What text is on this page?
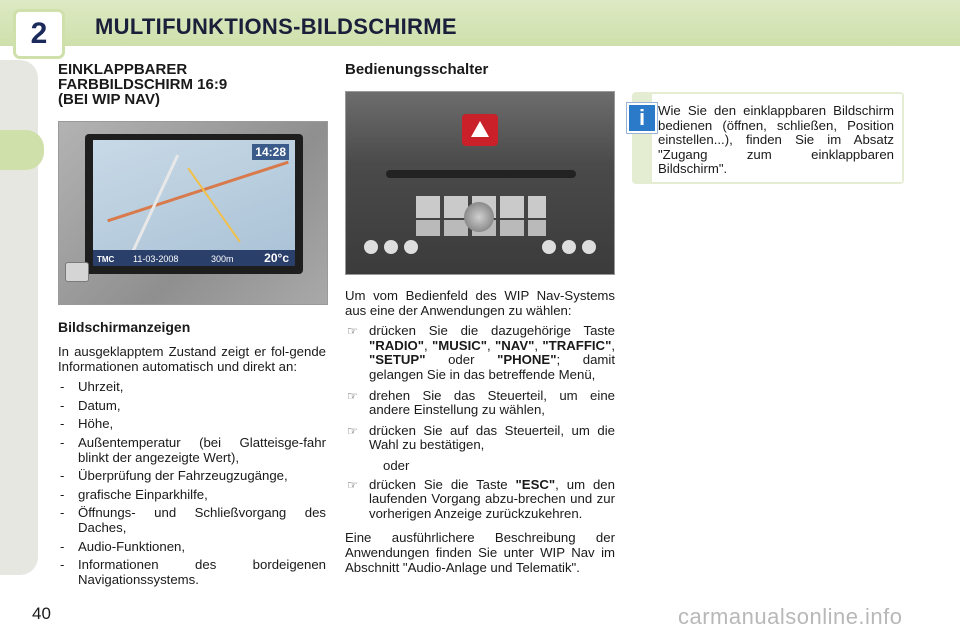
2	MULTIFUNKTIONS-BILDSCHIRME
EINKLAPPBARER
FARBBILDSCHIRM 16:9
(BEI WIP NAV)
14:28
TMC 11-03-2008	300m	20°c
Bildschirmanzeigen

In ausgeklapptem Zustand zeigt er fol-gende Informationen automatisch und direkt an:

- Uhrzeit,
- Datum,
- Höhe,
- Außentemperatur (bei Glatteisge-fahr blinkt der angezeigte Wert),
- Überprüfung der Fahrzeugzugänge,
- grafische Einparkhilfe,
- Öffnungs- und Schließvorgang des Daches,
- Audio-Funktionen,
- Informationen des bordeigenen Navigationssystems.
Bedienungsschalter

Um vom Bedienfeld des WIP Nav-Systems aus eine der Anwendungen zu wählen:

☞ drücken Sie die dazugehörige Taste "RADIO", "MUSIC", "NAV", "TRAFFIC", "SETUP" oder "PHONE"; damit gelangen Sie in das betreffende Menü,
☞ drehen Sie das Steuerteil, um eine andere Einstellung zu wählen,
☞ drücken Sie auf das Steuerteil, um die Wahl zu bestätigen,
oder
☞ drücken Sie die Taste "ESC", um den laufenden Vorgang abzu-brechen und zur vorherigen Anzeige zurückzukehren.

Eine ausführlichere Beschreibung der Anwendungen finden Sie unter WIP Nav im Abschnitt "Audio-Anlage und Telematik".

Wie Sie den einklappbaren Bildschirm bedienen (öffnen, schließen, Position einstellen...), finden Sie im Absatz "Zugang zum einklappbaren Bildschirm".
i
40	carmanualsonline.info
